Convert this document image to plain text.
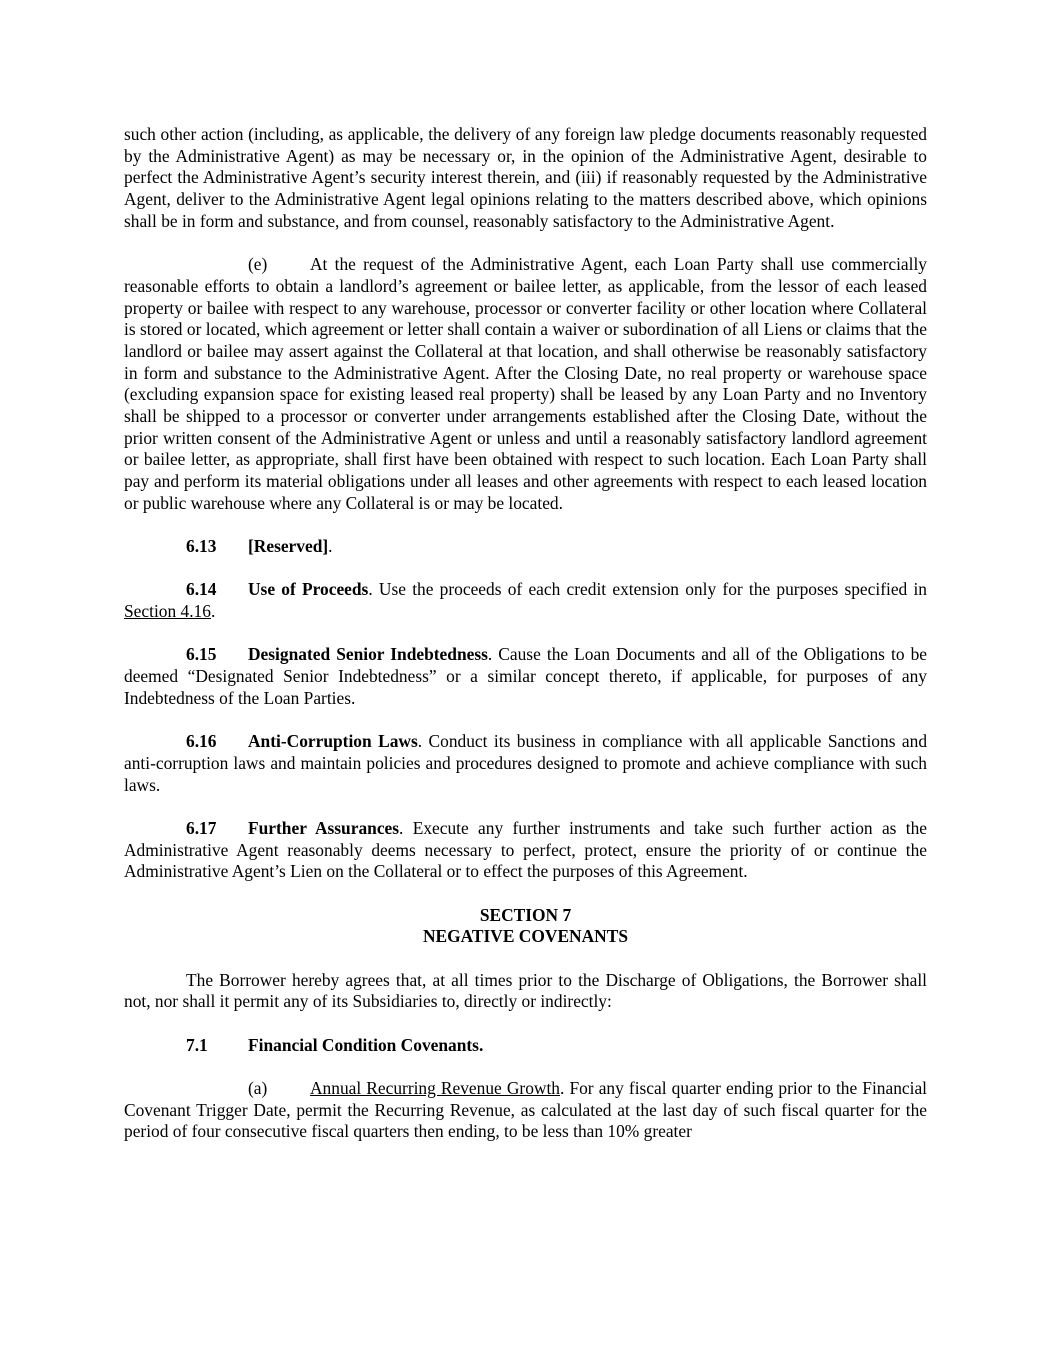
such other action (including, as applicable, the delivery of any foreign law pledge documents reasonably requested by the Administrative Agent) as may be necessary or, in the opinion of the Administrative Agent, desirable to perfect the Administrative Agent’s security interest therein, and (iii) if reasonably requested by the Administrative Agent, deliver to the Administrative Agent legal opinions relating to the matters described above, which opinions shall be in form and substance, and from counsel, reasonably satisfactory to the Administrative Agent.

(e) At the request of the Administrative Agent, each Loan Party shall use commercially reasonable efforts to obtain a landlord’s agreement or bailee letter, as applicable, from the lessor of each leased property or bailee with respect to any warehouse, processor or converter facility or other location where Collateral is stored or located, which agreement or letter shall contain a waiver or subordination of all Liens or claims that the landlord or bailee may assert against the Collateral at that location, and shall otherwise be reasonably satisfactory in form and substance to the Administrative Agent. After the Closing Date, no real property or warehouse space (excluding expansion space for existing leased real property) shall be leased by any Loan Party and no Inventory shall be shipped to a processor or converter under arrangements established after the Closing Date, without the prior written consent of the Administrative Agent or unless and until a reasonably satisfactory landlord agreement or bailee letter, as appropriate, shall first have been obtained with respect to such location. Each Loan Party shall pay and perform its material obligations under all leases and other agreements with respect to each leased location or public warehouse where any Collateral is or may be located.

6.13 [Reserved].

6.14 Use of Proceeds. Use the proceeds of each credit extension only for the purposes specified in Section 4.16.

6.15 Designated Senior Indebtedness. Cause the Loan Documents and all of the Obligations to be deemed “Designated Senior Indebtedness” or a similar concept thereto, if applicable, for purposes of any Indebtedness of the Loan Parties.

6.16 Anti-Corruption Laws. Conduct its business in compliance with all applicable Sanctions and anti-corruption laws and maintain policies and procedures designed to promote and achieve compliance with such laws.

6.17 Further Assurances. Execute any further instruments and take such further action as the Administrative Agent reasonably deems necessary to perfect, protect, ensure the priority of or continue the Administrative Agent’s Lien on the Collateral or to effect the purposes of this Agreement.

SECTION 7
NEGATIVE COVENANTS

The Borrower hereby agrees that, at all times prior to the Discharge of Obligations, the Borrower shall not, nor shall it permit any of its Subsidiaries to, directly or indirectly:

7.1 Financial Condition Covenants.

(a) Annual Recurring Revenue Growth. For any fiscal quarter ending prior to the Financial Covenant Trigger Date, permit the Recurring Revenue, as calculated at the last day of such fiscal quarter for the period of four consecutive fiscal quarters then ending, to be less than 10% greater
